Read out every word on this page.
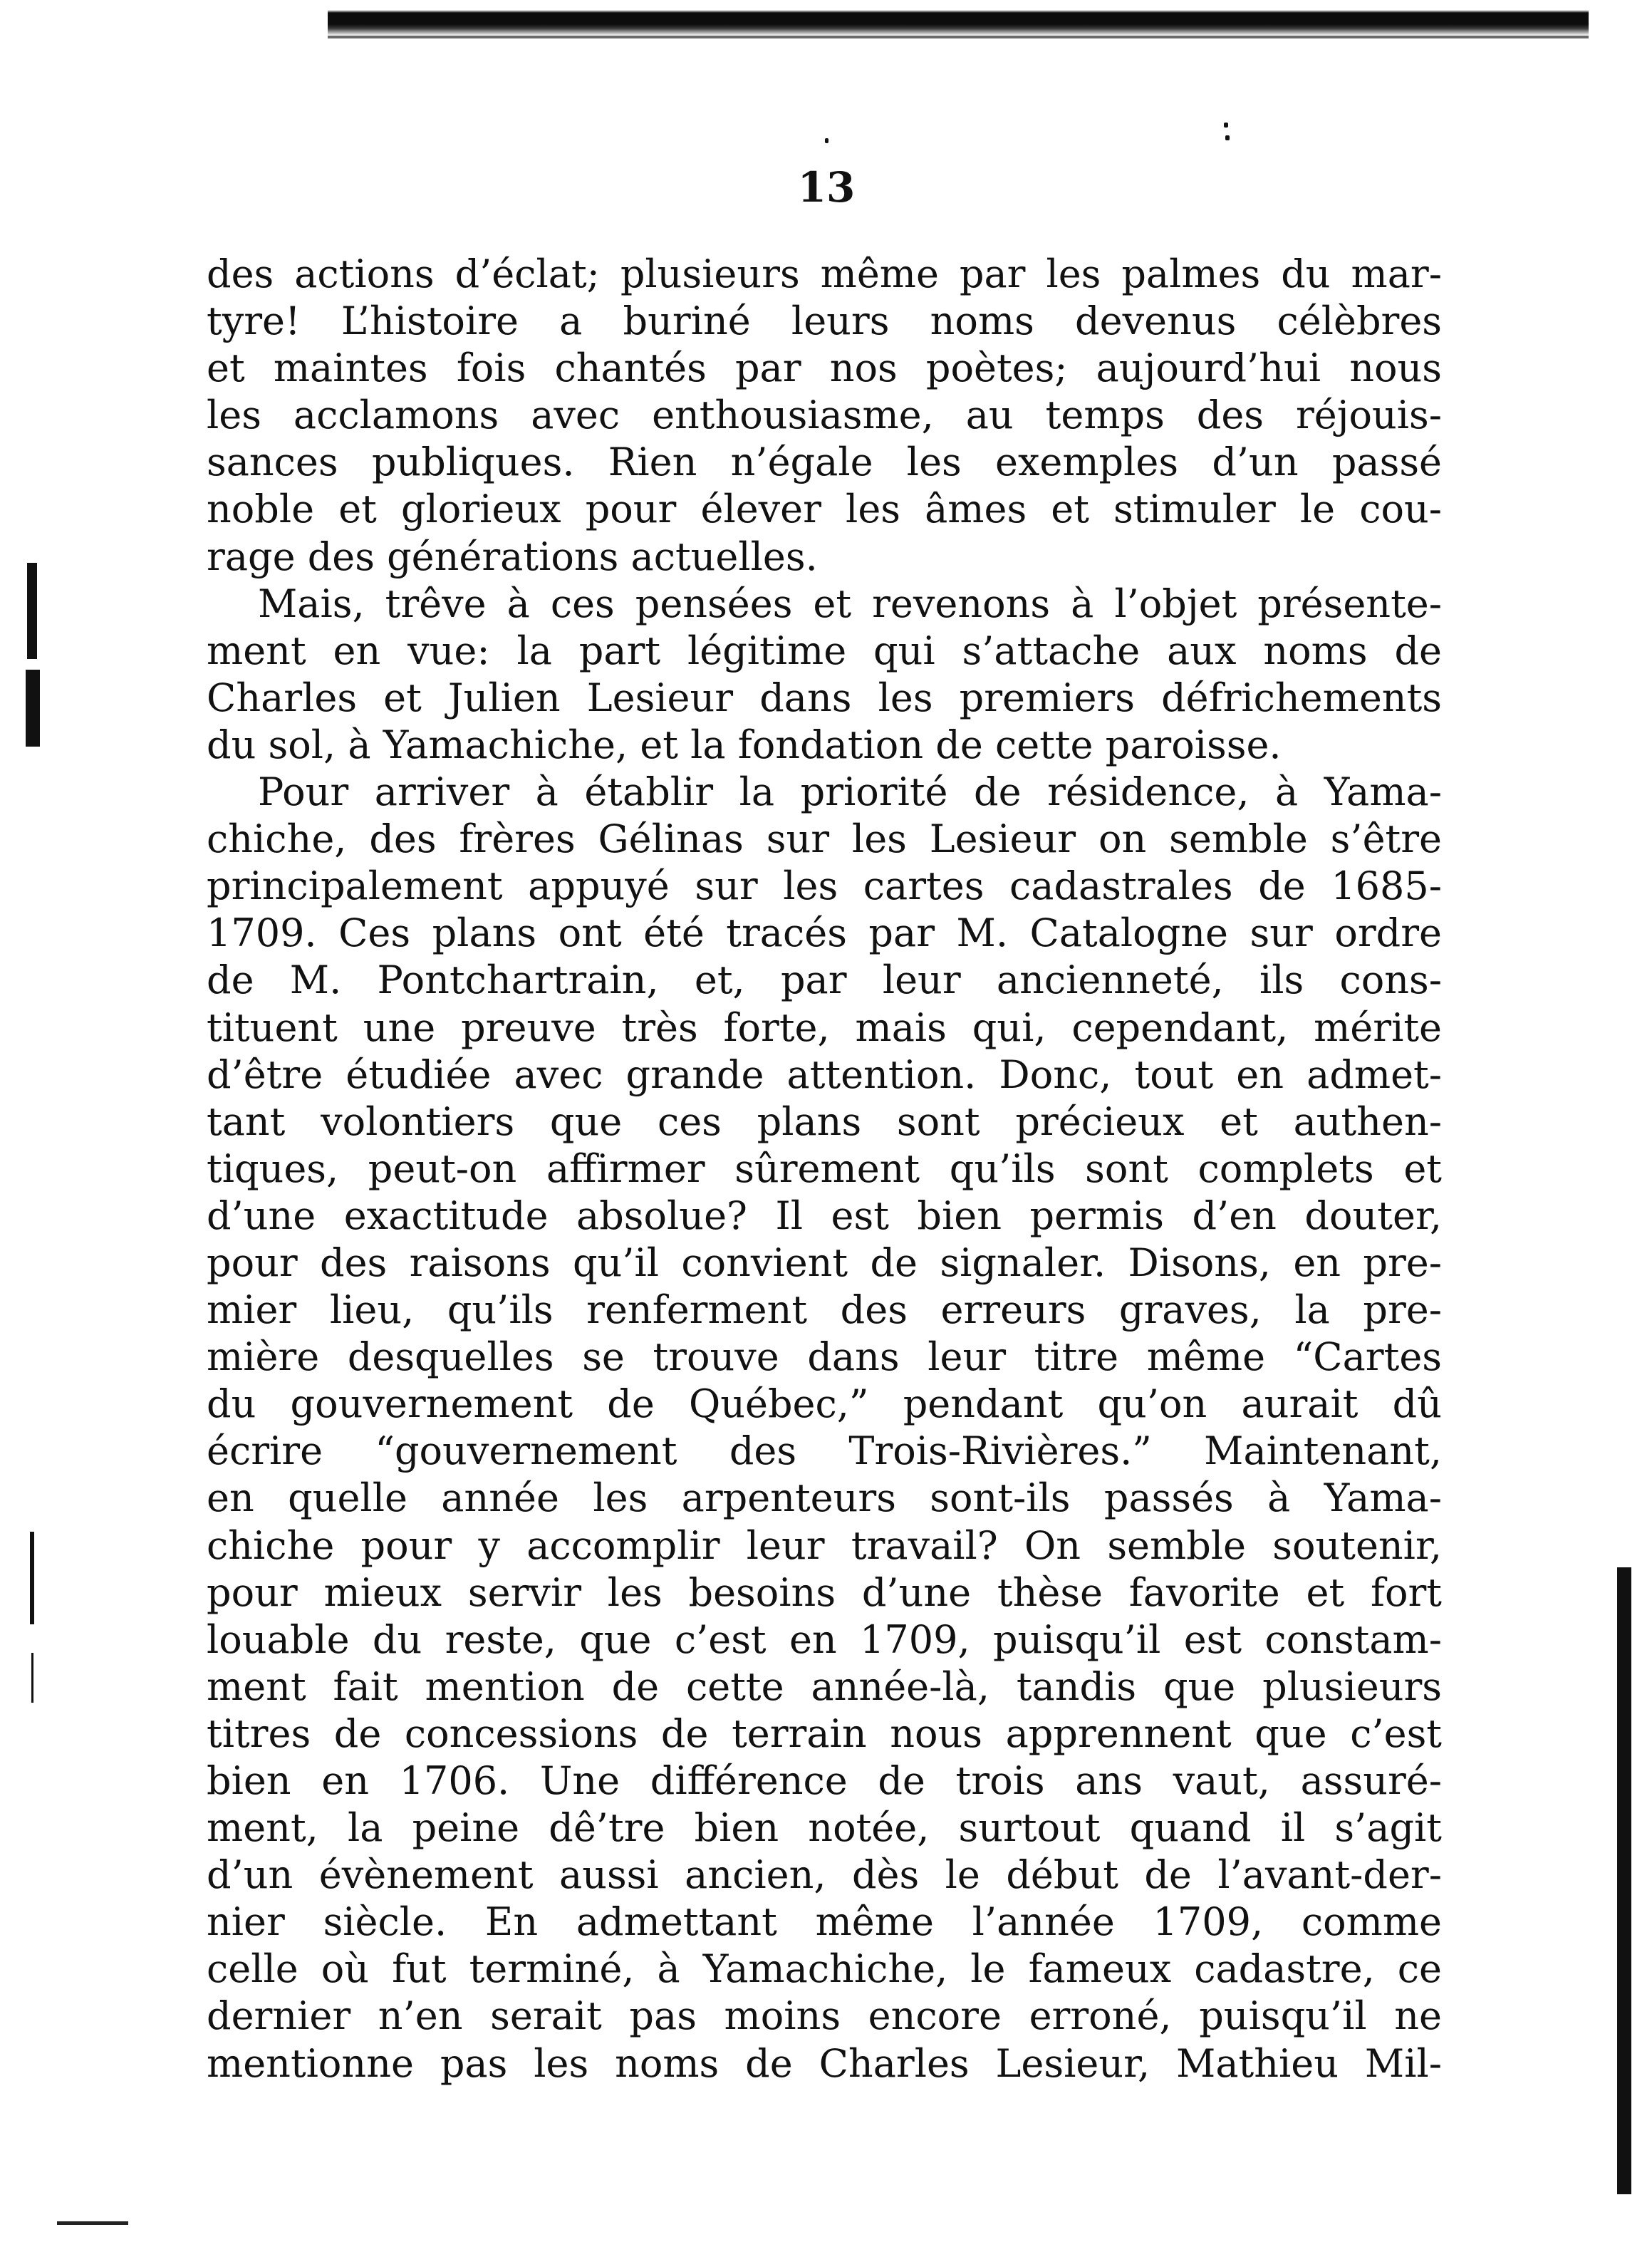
13
des actions d’éclat; plusieurs même par les palmes du mar-
tyre! L’histoire a buriné leurs noms devenus célèbres
et maintes fois chantés par nos poètes; aujourd’hui nous
les acclamons avec enthousiasme, au temps des réjouis-
sances publiques. Rien n’égale les exemples d’un passé
noble et glorieux pour élever les âmes et stimuler le cou-
rage des générations actuelles.
Mais, trêve à ces pensées et revenons à l’objet présente-
ment en vue: la part légitime qui s’attache aux noms de
Charles et Julien Lesieur dans les premiers défrichements
du sol, à Yamachiche, et la fondation de cette paroisse.
Pour arriver à établir la priorité de résidence, à Yama-
chiche, des frères Gélinas sur les Lesieur on semble s’être
principalement appuyé sur les cartes cadastrales de 1685-
1709. Ces plans ont été tracés par M. Catalogne sur ordre
de M. Pontchartrain, et, par leur ancienneté, ils cons-
tituent une preuve très forte, mais qui, cependant, mérite
d’être étudiée avec grande attention. Donc, tout en admet-
tant volontiers que ces plans sont précieux et authen-
tiques, peut-on affirmer sûrement qu’ils sont complets et
d’une exactitude absolue? Il est bien permis d’en douter,
pour des raisons qu’il convient de signaler. Disons, en pre-
mier lieu, qu’ils renferment des erreurs graves, la pre-
mière desquelles se trouve dans leur titre même “Cartes
du gouvernement de Québec,” pendant qu’on aurait dû
écrire “gouvernement des Trois-Rivières.” Maintenant,
en quelle année les arpenteurs sont-ils passés à Yama-
chiche pour y accomplir leur travail? On semble soutenir,
pour mieux servir les besoins d’une thèse favorite et fort
louable du reste, que c’est en 1709, puisqu’il est constam-
ment fait mention de cette année-là, tandis que plusieurs
titres de concessions de terrain nous apprennent que c’est
bien en 1706. Une différence de trois ans vaut, assuré-
ment, la peine dê’tre bien notée, surtout quand il s’agit
d’un évènement aussi ancien, dès le début de l’avant-der-
nier siècle. En admettant même l’année 1709, comme
celle où fut terminé, à Yamachiche, le fameux cadastre, ce
dernier n’en serait pas moins encore erroné, puisqu’il ne
mentionne pas les noms de Charles Lesieur, Mathieu Mil-
